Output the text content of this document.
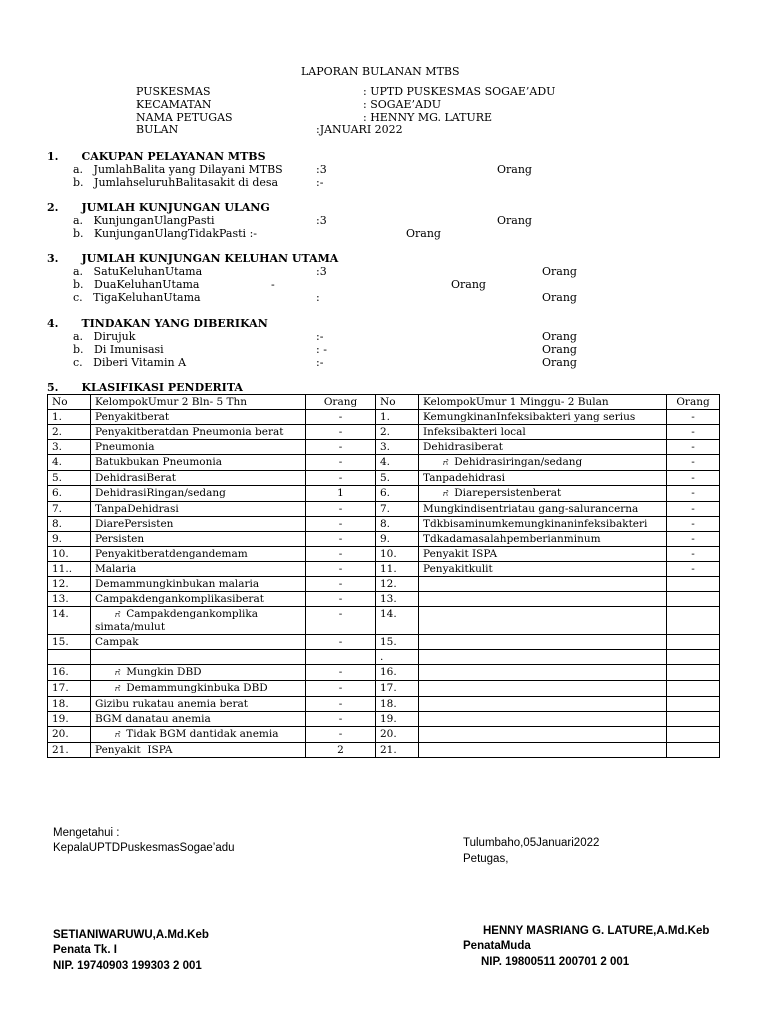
LAPORAN BULANAN MTBS
PUSKESMAS	: UPTD PUSKESMAS SOGAE’ADU
KECAMATAN	: SOGAE’ADU
NAMA PETUGAS	: HENNY MG. LATURE
BULAN	:JANUARI 2022
1.      CAKUPAN PELAYANAN MTBS
a.   JumlahBalita yang Dilayani MTBS	:3	Orang
b.   JumlahseluruhBalitasakit di desa	:-
2.      JUMLAH KUNJUNGAN ULANG
a.   KunjunganUlangPasti	:3	Orang
b.   KunjunganUlangTidakPasti :-	Orang
3.      JUMLAH KUNJUNGAN KELUHAN UTAMA
a.   SatuKeluhanUtama	:3	Orang
b.   DuaKeluhanUtama	-	Orang
c.   TigaKeluhanUtama	:	Orang
4.      TINDAKAN YANG DIBERIKAN
a.   Dirujuk	:-	Orang
b.   Di Imunisasi	: -	Orang
c.   Diberi Vitamin A	:-	Orang
5.      KLASIFIKASI PENDERITA
No	KelompokUmur 2 Bln- 5 Thn	Orang	No	KelompokUmur 1 Minggu- 2 Bulan	Orang
1.	Penyakitberat	-	1.	KemungkinanInfeksibakteri yang serius	-
2.	Penyakitberatdan Pneumonia berat	-	2.	Infeksibakteri local	-
3.	Pneumonia	-	3.	Dehidrasiberat	-
4.	Batukbukan Pneumonia	-	4.	ಗೆ Dehidrasiringan/sedang	-
5.	DehidrasiBerat	-	5.	Tanpadehidrasi	-
6.	DehidrasiRingan/sedang	1	6.	ಗೆ Diarepersistenberat	-
7.	TanpaDehidrasi	-	7.	Mungkindisentriatau gang-salurancerna	-
8.	DiarePersisten	-	8.	Tdkbisaminumkemungkinaninfeksibakteri	-
9.	Persisten	-	9.	Tdkadamasalahpemberianminum	-
10.	Penyakitberatdengandemam	-	10.	Penyakit ISPA	-
11..	Malaria	-	11.	Penyakitkulit	-
12.	Demammungkinbukan malaria	-	12.		
13.	Campakdengankomplikasiberat	-	13.		
14.	ಗೆ Campakdengankomplika simata/mulut	-	14.		
15.	Campak	-	15.		
			.		
16.	ಗೆ Mungkin DBD	-	16.		
17.	ಗೆ Demammungkinbuka DBD	-	17.		
18.	Gizibu rukatau anemia berat	-	18.		
19.	BGM danatau anemia	-	19.		
20.	ಗೆ Tidak BGM dantidak anemia	-	20.		
21.	Penyakit  ISPA	2	21.		
Mengetahui :
KepalaUPTDPuskesmasSogae’adu	Tulumbaho,05Januari2022
Petugas,
SETIANIWARUWU,A.Md.Keb
Penata Tk. I
NIP. 19740903 199303 2 001
HENNY MASRIANG G. LATURE,A.Md.Keb
PenataMuda
NIP. 19800511 200701 2 001
